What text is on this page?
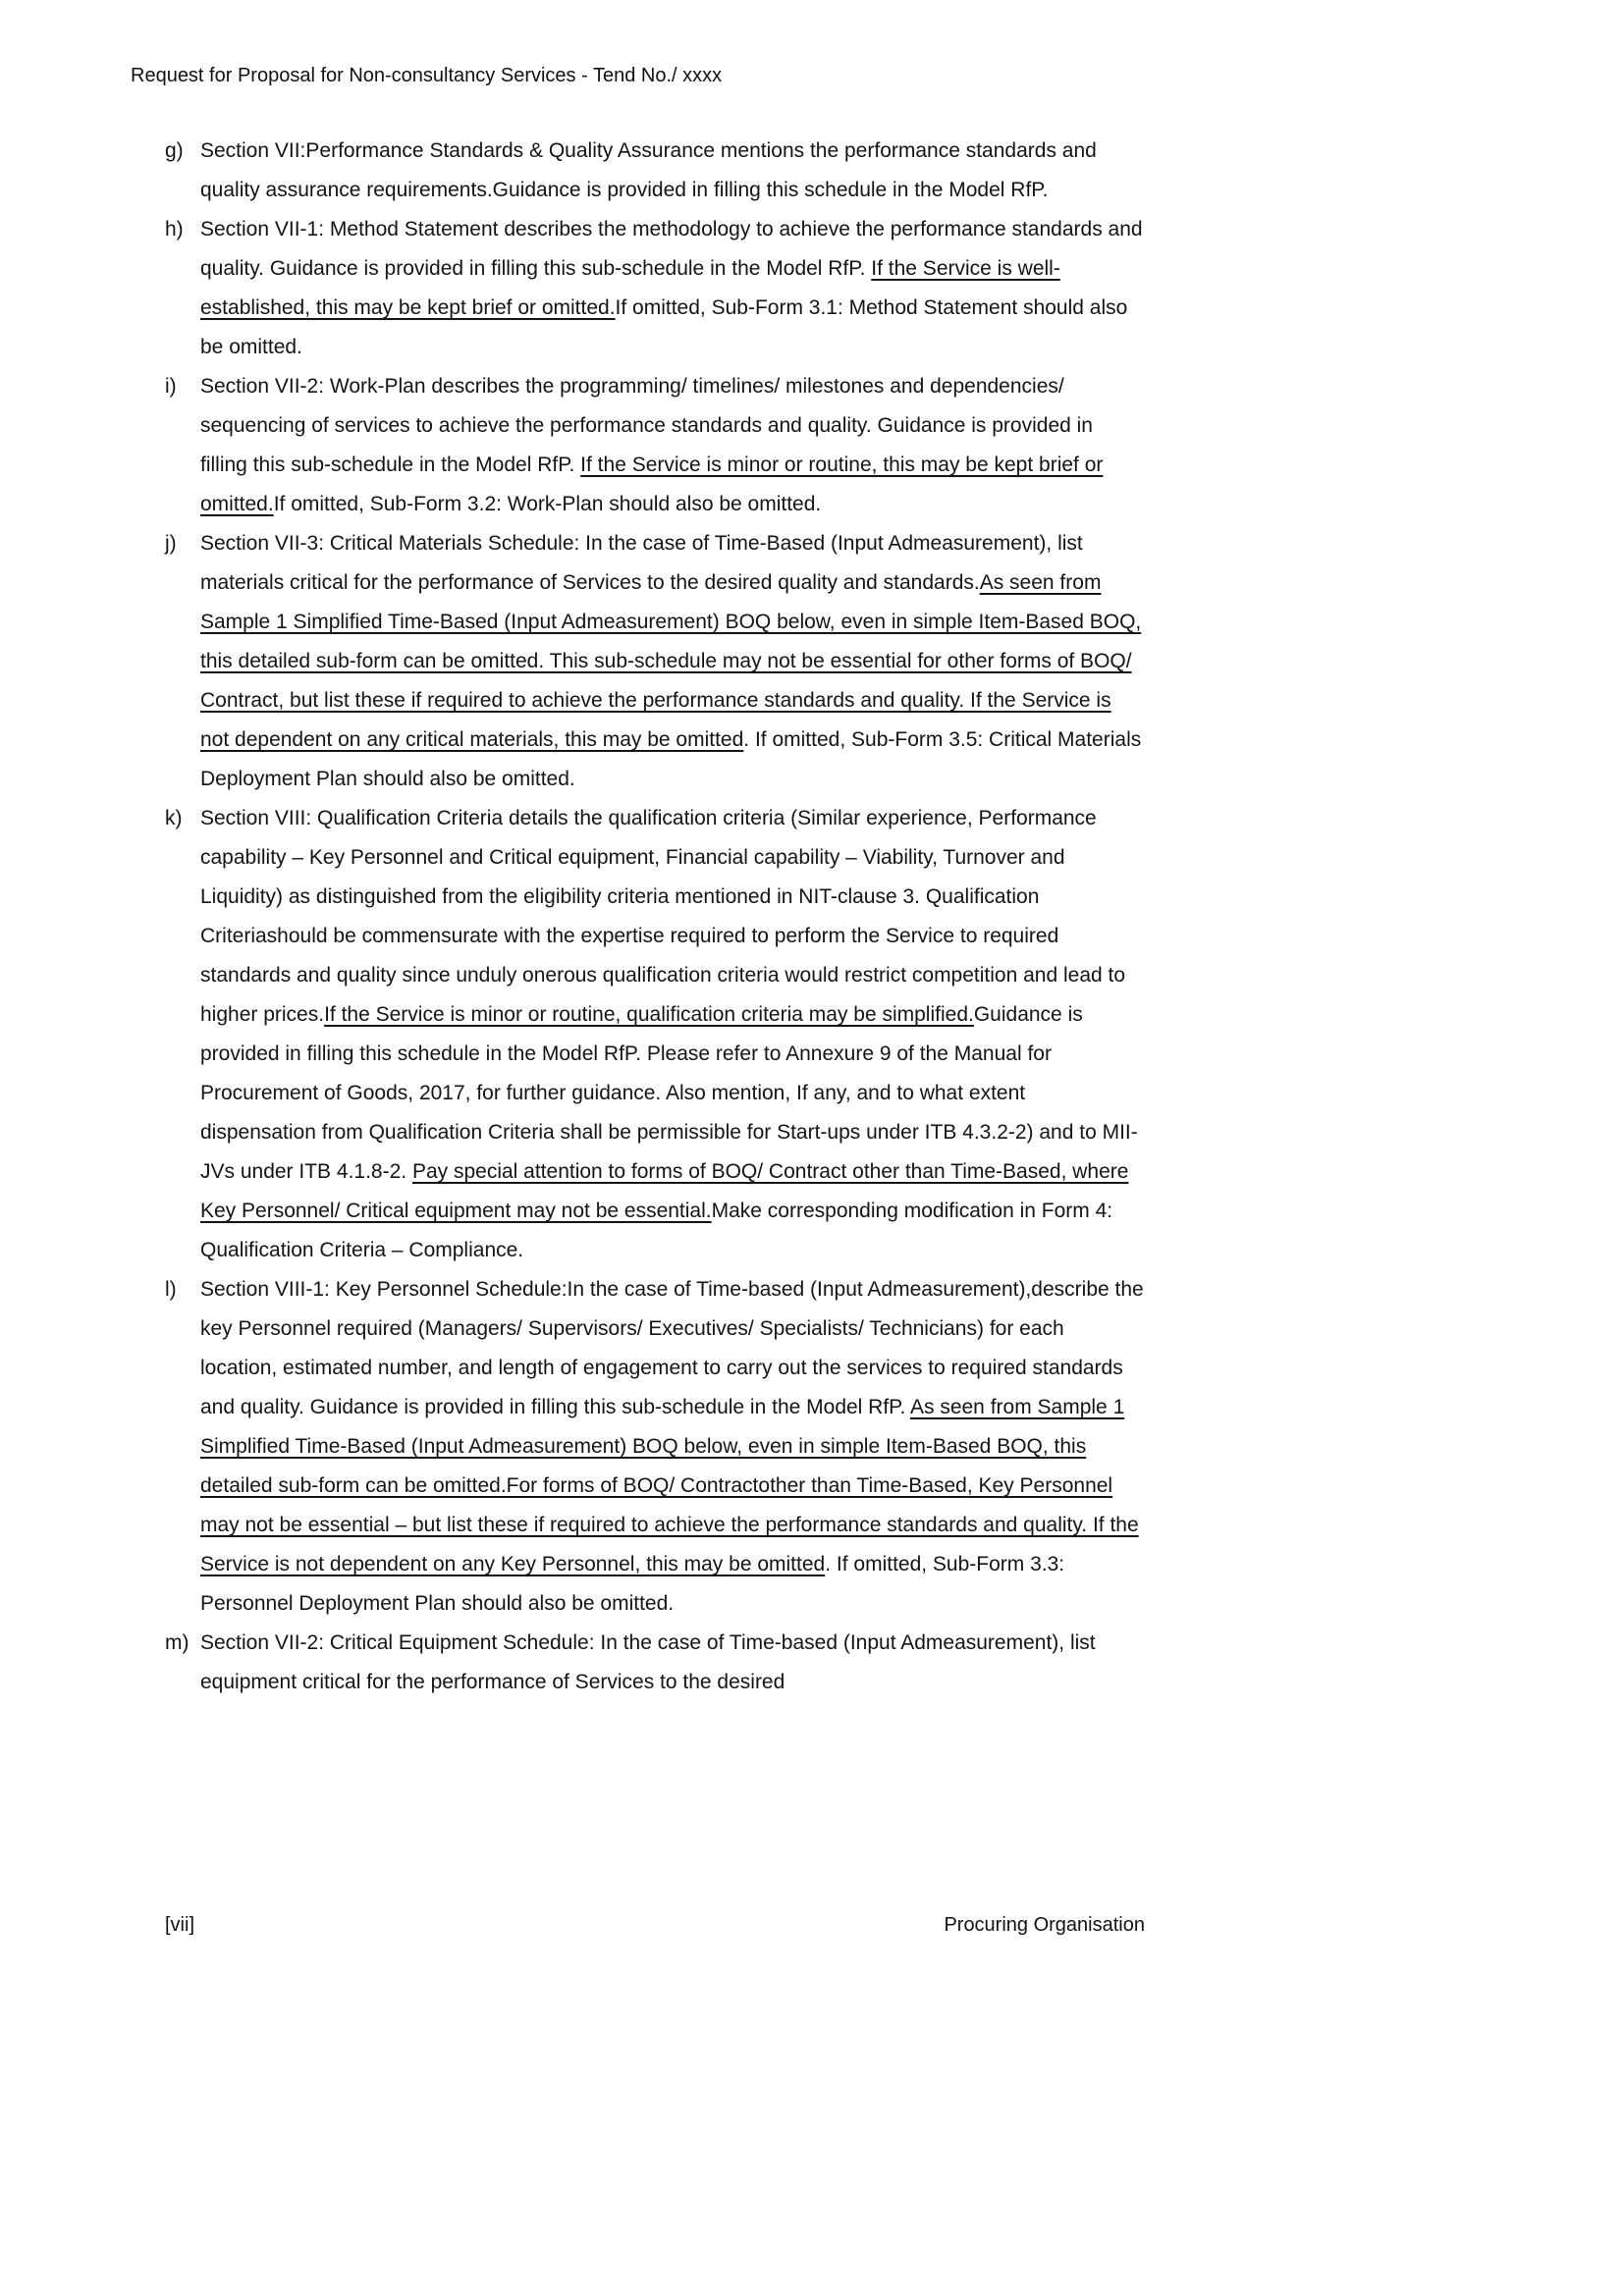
Request for Proposal for Non-consultancy Services - Tend No./ xxxx
g) Section VII:Performance Standards & Quality Assurance mentions the performance standards and quality assurance requirements.Guidance is provided in filling this schedule in the Model RfP.
h) Section VII-1: Method Statement describes the methodology to achieve the performance standards and quality. Guidance is provided in filling this sub-schedule in the Model RfP. If the Service is well-established, this may be kept brief or omitted.If omitted, Sub-Form 3.1: Method Statement should also be omitted.
i)	Section VII-2: Work-Plan describes the programming/ timelines/ milestones and dependencies/ sequencing of services to achieve the performance standards and quality. Guidance is provided in filling this sub-schedule in the Model RfP. If the Service is minor or routine, this may be kept brief or omitted.If omitted, Sub-Form 3.2: Work-Plan should also be omitted.
j)	Section VII-3: Critical Materials Schedule: In the case of Time-Based (Input Admeasurement), list materials critical for the performance of Services to the desired quality and standards.As seen from Sample 1 Simplified Time-Based (Input Admeasurement) BOQ below, even in simple Item-Based BOQ, this detailed sub-form can be omitted. This sub-schedule may not be essential for other forms of BOQ/ Contract, but list these if required to achieve the performance standards and quality. If the Service is not dependent on any critical materials, this may be omitted. If omitted, Sub-Form 3.5: Critical Materials Deployment Plan should also be omitted.
k) Section VIII: Qualification Criteria details the qualification criteria (Similar experience, Performance capability – Key Personnel and Critical equipment, Financial capability – Viability, Turnover and Liquidity) as distinguished from the eligibility criteria mentioned in NIT-clause 3. Qualification Criteriashould be commensurate with the expertise required to perform the Service to required standards and quality since unduly onerous qualification criteria would restrict competition and lead to higher prices.If the Service is minor or routine, qualification criteria may be simplified.Guidance is provided in filling this schedule in the Model RfP. Please refer to Annexure 9 of the Manual for Procurement of Goods, 2017, for further guidance. Also mention, If any, and to what extent dispensation from Qualification Criteria shall be permissible for Start-ups under ITB 4.3.2-2) and to MII-JVs under ITB 4.1.8-2. Pay special attention to forms of BOQ/ Contract other than Time-Based, where Key Personnel/ Critical equipment may not be essential.Make corresponding modification in Form 4: Qualification Criteria – Compliance.
l)	Section VIII-1: Key Personnel Schedule:In the case of Time-based (Input Admeasurement),describe the key Personnel required (Managers/ Supervisors/ Executives/ Specialists/ Technicians) for each location, estimated number, and length of engagement to carry out the services to required standards and quality. Guidance is provided in filling this sub-schedule in the Model RfP. As seen from Sample 1 Simplified Time-Based (Input Admeasurement) BOQ below, even in simple Item-Based BOQ, this detailed sub-form can be omitted.For forms of BOQ/ Contractother than Time-Based, Key Personnel may not be essential – but list these if required to achieve the performance standards and quality. If the Service is not dependent on any Key Personnel, this may be omitted. If omitted, Sub-Form 3.3: Personnel Deployment Plan should also be omitted.
m) Section VII-2: Critical Equipment Schedule: In the case of Time-based (Input Admeasurement), list equipment critical for the performance of Services to the desired
[vii]	Procuring Organisation
